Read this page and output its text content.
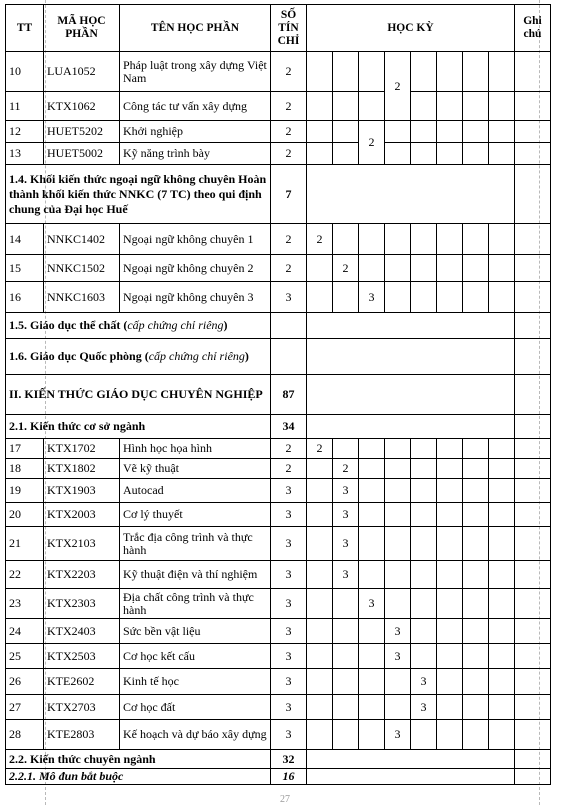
TT	MÃ HỌC PHẦN	TÊN HỌC PHẦN	SỐ TÍN CHỈ	HỌC KỲ								Ghi chú
10	LUA1052	Pháp luật trong xây dựng Việt Nam	2				2					
11	KTX1062	Công tác tư vấn xây dựng	2									
12	HUET5202	Khởi nghiệp	2			2						
13	HUET5002	Kỹ năng trình bày	2									
1.4. Khối kiến thức ngoại ngữ không chuyên Hoàn thành khối kiến thức NNKC (7 TC) theo qui định chung của Đại học Huế			7									
14	NNKC1402	Ngoại ngữ không chuyên 1	2	2								
15	NNKC1502	Ngoại ngữ không chuyên 2	2		2							
16	NNKC1603	Ngoại ngữ không chuyên 3	3			3						
1.5. Giáo dục thể chất (cấp chứng chỉ riêng)												
1.6. Giáo dục Quốc phòng (cấp chứng chỉ riêng)												
II. KIẾN THỨC GIÁO DỤC CHUYÊN NGHIỆP			87									
2.1. Kiến thức cơ sở ngành			34									
17	KTX1702	Hình học họa hình	2	2								
18	KTX1802	Vẽ kỹ thuật	2		2							
19	KTX1903	Autocad	3		3							
20	KTX2003	Cơ lý thuyết	3		3							
21	KTX2103	Trắc địa công trình và thực hành	3		3							
22	KTX2203	Kỹ thuật điện và thí nghiệm	3		3							
23	KTX2303	Địa chất công trình và thực hành	3			3						
24	KTX2403	Sức bền vật liệu	3				3					
25	KTX2503	Cơ học kết cấu	3				3					
26	KTE2602	Kinh tế học	3					3				
27	KTX2703	Cơ học đất	3					3				
28	KTE2803	Kế hoạch và dự báo xây dựng	3				3					
2.2. Kiến thức chuyên ngành			32									
2.2.1. Mô đun bắt buộc			16									
27
